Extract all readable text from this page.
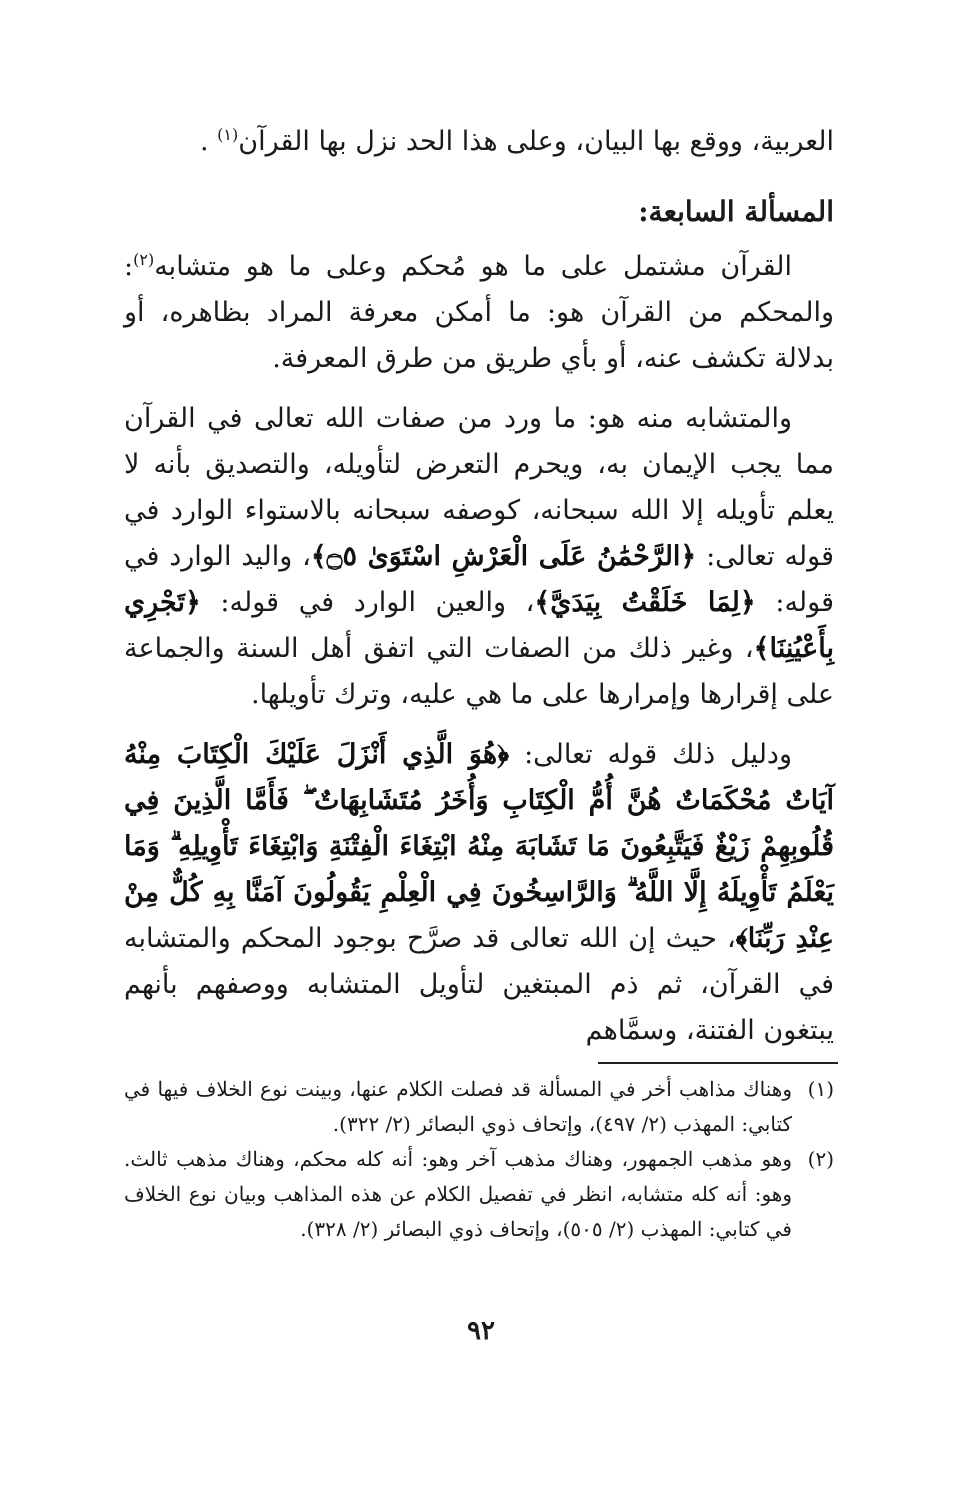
العربية، ووقع بها البيان، وعلى هذا الحد نزل بها القرآن$^{(١)}$ .

المسألة السابعة:

القرآن مشتمل على ما هو مُحكم وعلى ما هو متشابه$^{(٢)}$: والمحكم من القرآن هو: ما أمكن معرفة المراد بظاهره، أو بدلالة تكشف عنه، أو بأي طريق من طرق المعرفة.

والمتشابه منه هو: ما ورد من صفات الله تعالى في القرآن مما يجب الإيمان به، ويحرم التعرض لتأويله، والتصديق بأنه لا يعلم تأويله إلا الله سبحانه، كوصفه سبحانه بالاستواء الوارد في قوله تعالى: ﴿الرَّحْمَٰنُ عَلَى الْعَرْشِ اسْتَوَىٰ ۝٥﴾، واليد الوارد في قوله: ﴿لِمَا خَلَقْتُ بِيَدَيَّ﴾، والعين الوارد في قوله: ﴿تَجْرِي بِأَعْيُنِنَا﴾، وغير ذلك من الصفات التي اتفق أهل السنة والجماعة على إقرارها وإمرارها على ما هي عليه، وترك تأويلها.

ودليل ذلك قوله تعالى: ﴿هُوَ الَّذِي أَنْزَلَ عَلَيْكَ الْكِتَابَ مِنْهُ آيَاتٌ مُحْكَمَاتٌ هُنَّ أُمُّ الْكِتَابِ وَأُخَرُ مُتَشَابِهَاتٌ ۖ فَأَمَّا الَّذِينَ فِي قُلُوبِهِمْ زَيْغٌ فَيَتَّبِعُونَ مَا تَشَابَهَ مِنْهُ ابْتِغَاءَ الْفِتْنَةِ وَابْتِغَاءَ تَأْوِيلِهِ ۗ وَمَا يَعْلَمُ تَأْوِيلَهُ إِلَّا اللَّهُ ۗ وَالرَّاسِخُونَ فِي الْعِلْمِ يَقُولُونَ آمَنَّا بِهِ كُلٌّ مِنْ عِنْدِ رَبِّنَا﴾، حيث إن الله تعالى قد صرَّح بوجود المحكم والمتشابه في القرآن، ثم ذم المبتغين لتأويل المتشابه ووصفهم بأنهم يبتغون الفتنة، وسمَّاهم

(١)
وهناك مذاهب أخر في المسألة قد فصلت الكلام عنها، وبينت نوع الخلاف فيها في كتابي: المهذب (٢/ ٤٩٧)، وإتحاف ذوي البصائر (٢/ ٣٢٢).
(٢)
وهو مذهب الجمهور، وهناك مذهب آخر وهو: أنه كله محكم، وهناك مذهب ثالث. وهو: أنه كله متشابه، انظر في تفصيل الكلام عن هذه المذاهب وبيان نوع الخلاف في كتابي: المهذب (٢/ ٥٠٥)، وإتحاف ذوي البصائر (٢/ ٣٢٨).
٩٢
